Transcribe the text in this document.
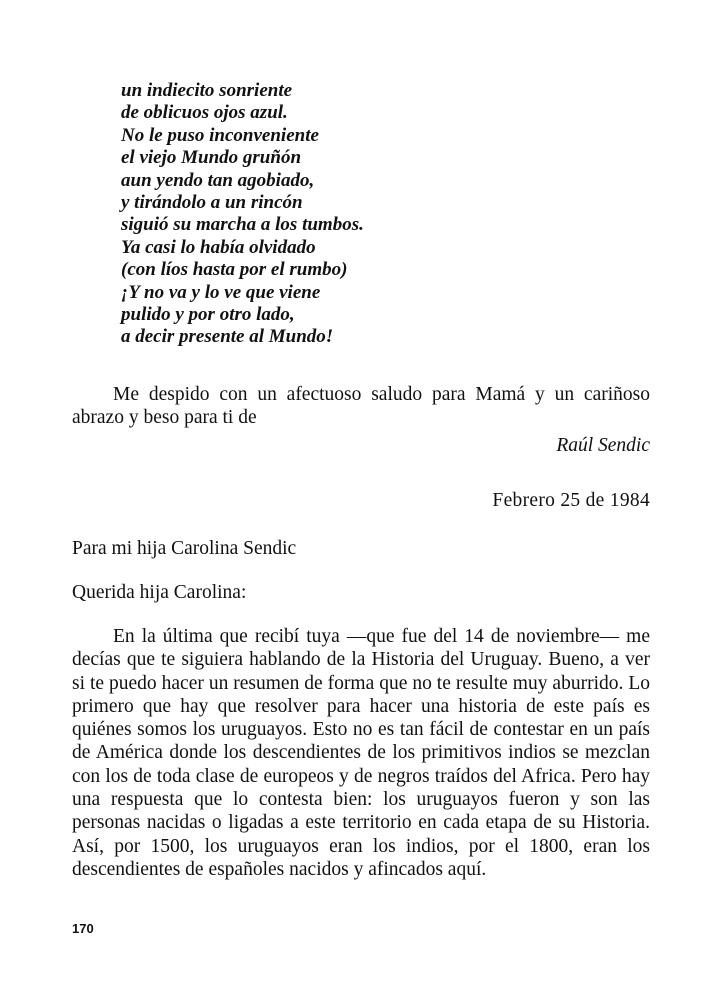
un indiecito sonriente
de oblicuos ojos azul.
No le puso inconveniente
el viejo Mundo gruñón
aun yendo tan agobiado,
y tirándolo a un rincón
siguió su marcha a los tumbos.
Ya casi lo había olvidado
(con líos hasta por el rumbo)
¡Y no va y lo ve que viene
pulido y por otro lado,
a decir presente al Mundo!

Me despido con un afectuoso saludo para Mamá y un cariñoso abrazo y beso para ti de

Raúl Sendic
Febrero 25 de 1984
Para mi hija Carolina Sendic
Querida hija Carolina:

En la última que recibí tuya —que fue del 14 de noviembre— me decías que te siguiera hablando de la Historia del Uruguay. Bueno, a ver si te puedo hacer un resumen de forma que no te resulte muy aburrido. Lo primero que hay que resolver para hacer una historia de este país es quiénes somos los uruguayos. Esto no es tan fácil de contestar en un país de América donde los descendientes de los primitivos indios se mezclan con los de toda clase de europeos y de negros traídos del Africa. Pero hay una respuesta que lo contesta bien: los uruguayos fueron y son las personas nacidas o ligadas a este territorio en cada etapa de su Historia. Así, por 1500, los uruguayos eran los indios, por el 1800, eran los descendientes de españoles nacidos y afincados aquí.

170
